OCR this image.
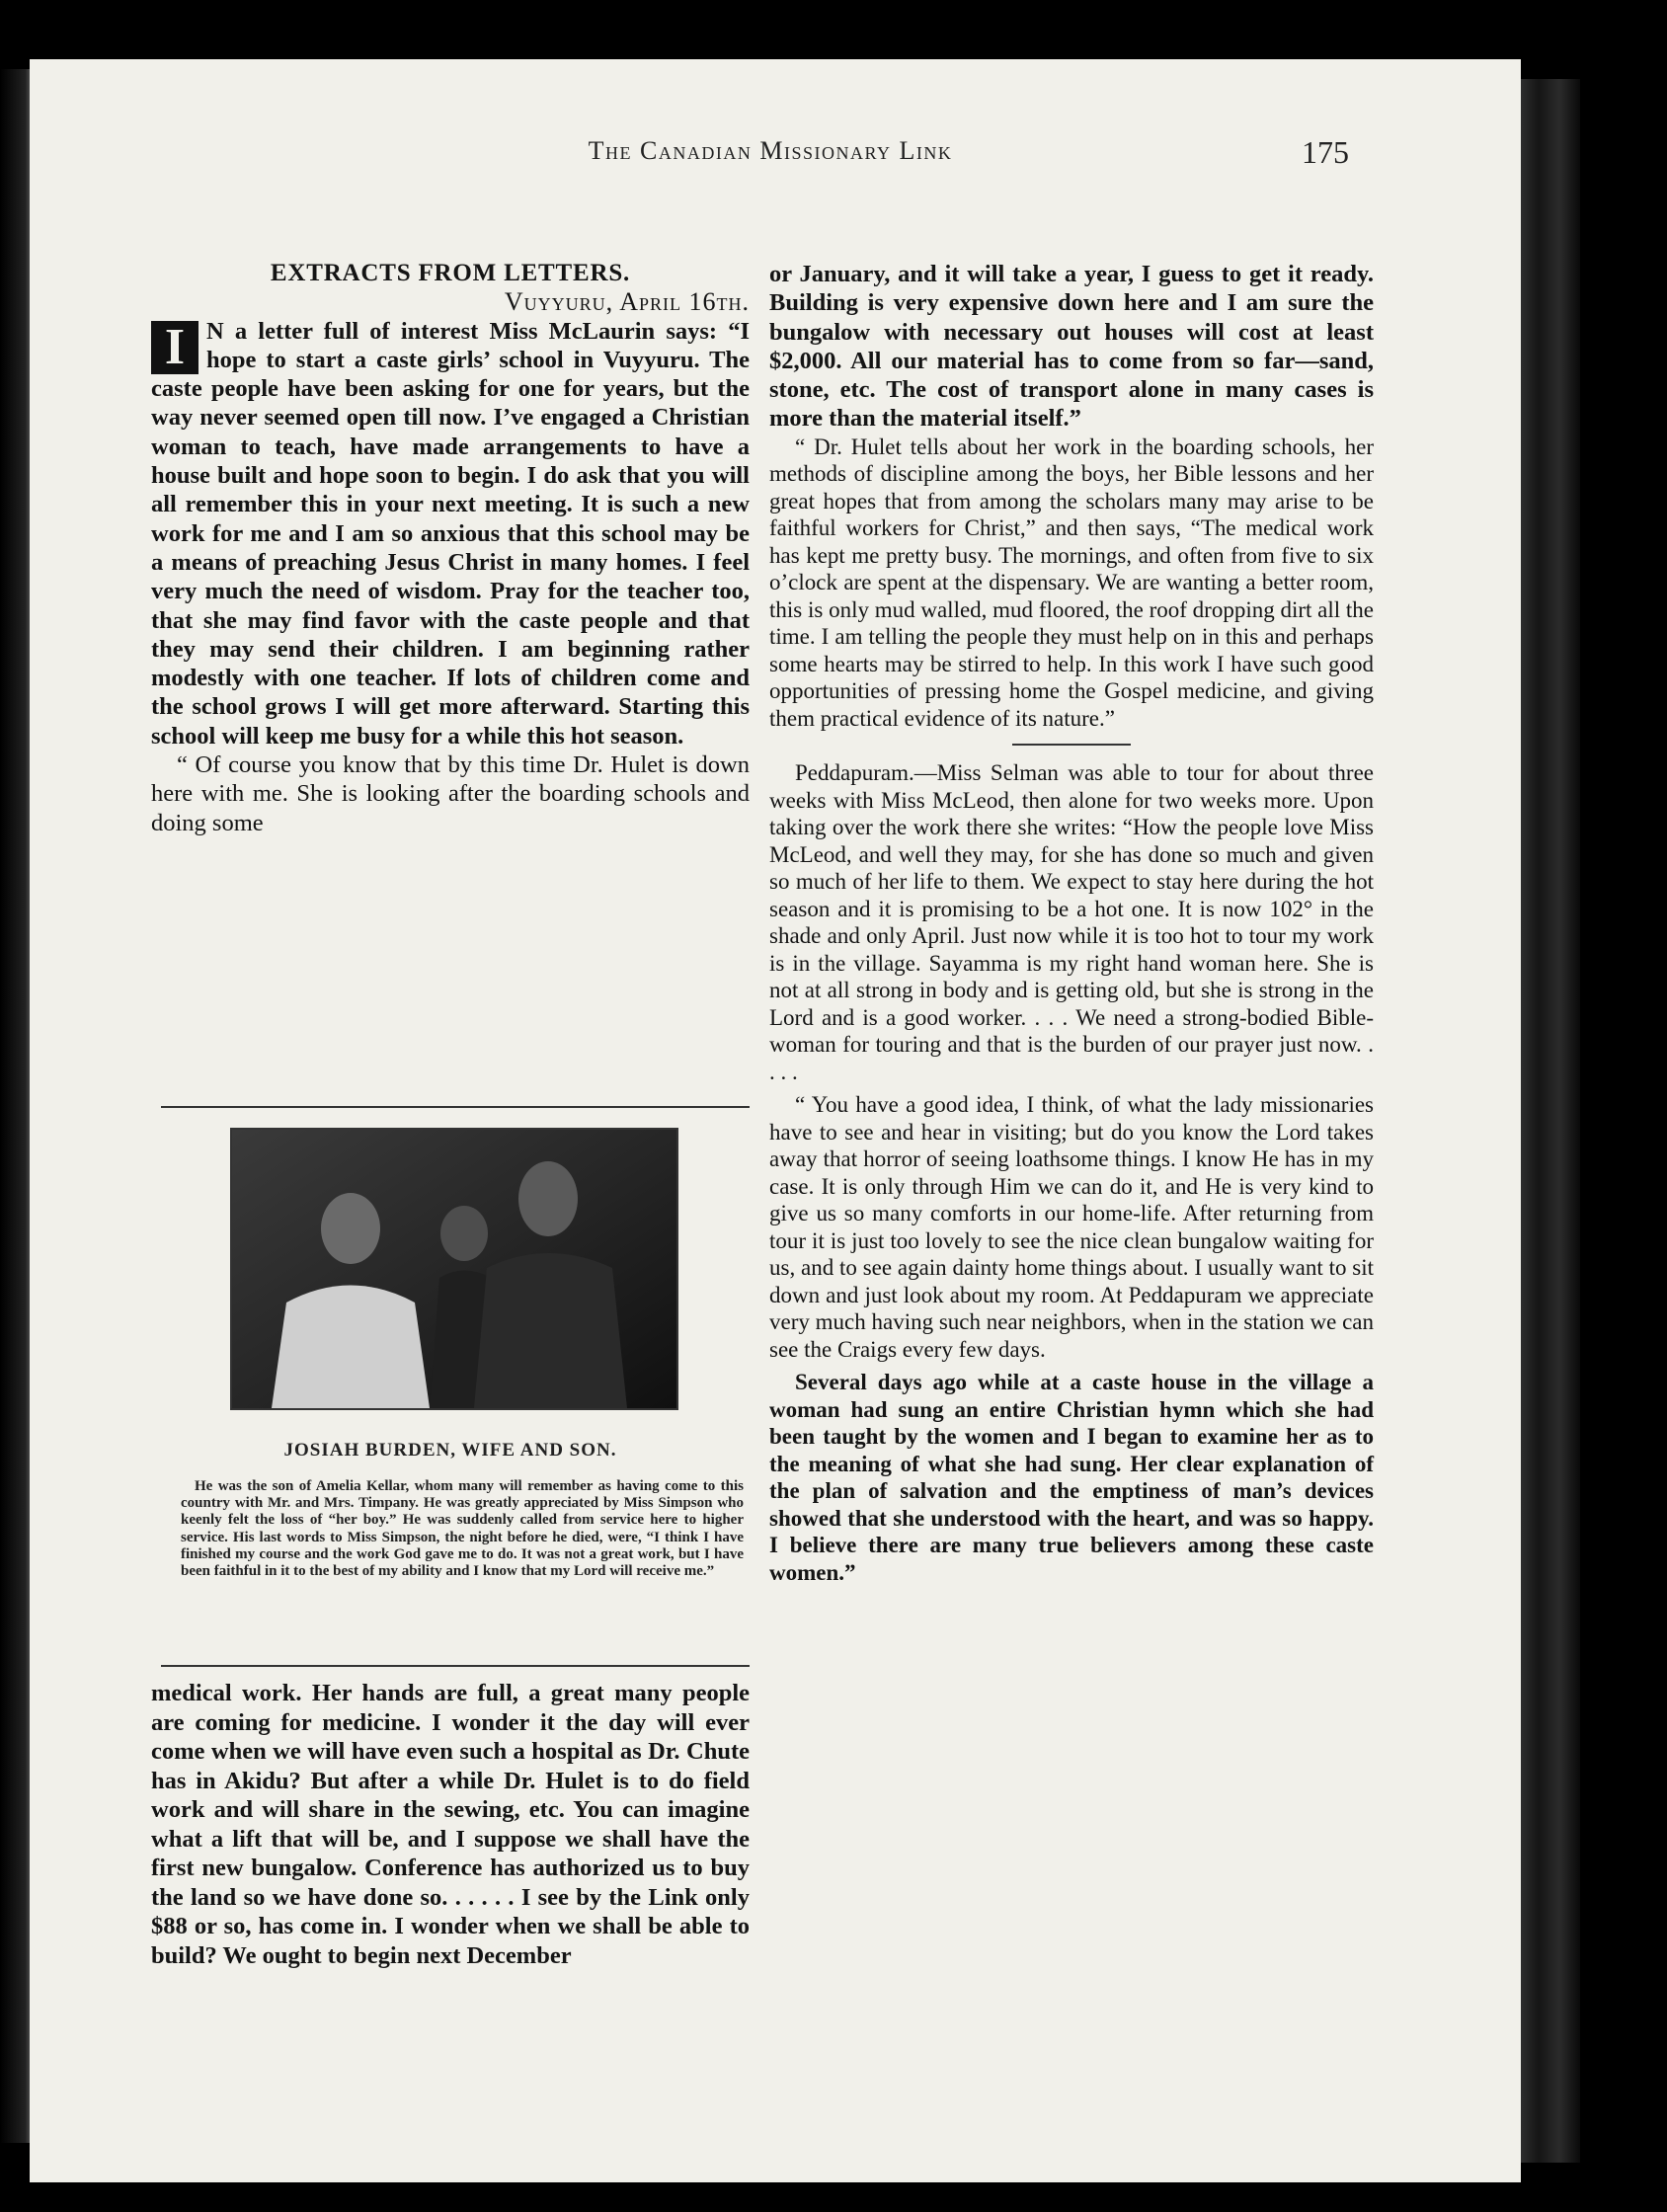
The Canadian Missionary Link	175

EXTRACTS FROM LETTERS.

Vuyyuru, April 16th.

I N a letter full of interest Miss McLaurin says: “I hope to start a caste girls’ school in Vuyyuru. The caste people have been asking for one for years, but the way never seemed open till now. I’ve engaged a Christian woman to teach, have made arrangements to have a house built and hope soon to begin. I do ask that you will all remember this in your next meeting. It is such a new work for me and I am so anxious that this school may be a means of preaching Jesus Christ in many homes. I feel very much the need of wisdom. Pray for the teacher too, that she may find favor with the caste people and that they may send their children. I am beginning rather modestly with one teacher. If lots of children come and the school grows I will get more afterward. Starting this school will keep me busy for a while this hot season.

“ Of course you know that by this time Dr. Hulet is down here with me. She is looking after the boarding schools and doing some

JOSIAH BURDEN, WIFE AND SON.

He was the son of Amelia Kellar, whom many will remember as having come to this country with Mr. and Mrs. Timpany. He was greatly appreciated by Miss Simpson who keenly felt the loss of “her boy.” He was suddenly called from service here to higher service. His last words to Miss Simpson, the night before he died, were, “I think I have finished my course and the work God gave me to do. It was not a great work, but I have been faithful in it to the best of my ability and I know that my Lord will receive me.”

medical work. Her hands are full, a great many people are coming for medicine. I wonder it the day will ever come when we will have even such a hospital as Dr. Chute has in Akidu? But after a while Dr. Hulet is to do field work and will share in the sewing, etc. You can imagine what a lift that will be, and I suppose we shall have the first new bungalow. Conference has authorized us to buy the land so we have done so. . . . . . I see by the Link only $88 or so, has come in. I wonder when we shall be able to build? We ought to begin next December

or January, and it will take a year, I guess to get it ready. Building is very expensive down here and I am sure the bungalow with necessary out houses will cost at least $2,000. All our material has to come from so far—sand, stone, etc. The cost of transport alone in many cases is more than the material itself.”

“ Dr. Hulet tells about her work in the boarding schools, her methods of discipline among the boys, her Bible lessons and her great hopes that from among the scholars many may arise to be faithful workers for Christ,” and then says, “The medical work has kept me pretty busy. The mornings, and often from five to six o’clock are spent at the dispensary. We are wanting a better room, this is only mud walled, mud floored, the roof dropping dirt all the time. I am telling the people they must help on in this and perhaps some hearts may be stirred to help. In this work I have such good opportunities of pressing home the Gospel medicine, and giving them practical evidence of its nature.”

Peddapuram.—Miss Selman was able to tour for about three weeks with Miss McLeod, then alone for two weeks more. Upon taking over the work there she writes: “How the people love Miss McLeod, and well they may, for she has done so much and given so much of her life to them. We expect to stay here during the hot season and it is promising to be a hot one. It is now 102° in the shade and only April. Just now while it is too hot to tour my work is in the village. Sayamma is my right hand woman here. She is not at all strong in body and is getting old, but she is strong in the Lord and is a good worker. . . . We need a strong-bodied Bible-woman for touring and that is the burden of our prayer just now. . . . .

“ You have a good idea, I think, of what the lady missionaries have to see and hear in visiting; but do you know the Lord takes away that horror of seeing loathsome things. I know He has in my case. It is only through Him we can do it, and He is very kind to give us so many comforts in our home-life. After returning from tour it is just too lovely to see the nice clean bungalow waiting for us, and to see again dainty home things about. I usually want to sit down and just look about my room. At Peddapuram we appreciate very much having such near neighbors, when in the station we can see the Craigs every few days.

Several days ago while at a caste house in the village a woman had sung an entire Christian hymn which she had been taught by the women and I began to examine her as to the meaning of what she had sung. Her clear explanation of the plan of salvation and the emptiness of man’s devices showed that she understood with the heart, and was so happy. I believe there are many true believers among these caste women.”
